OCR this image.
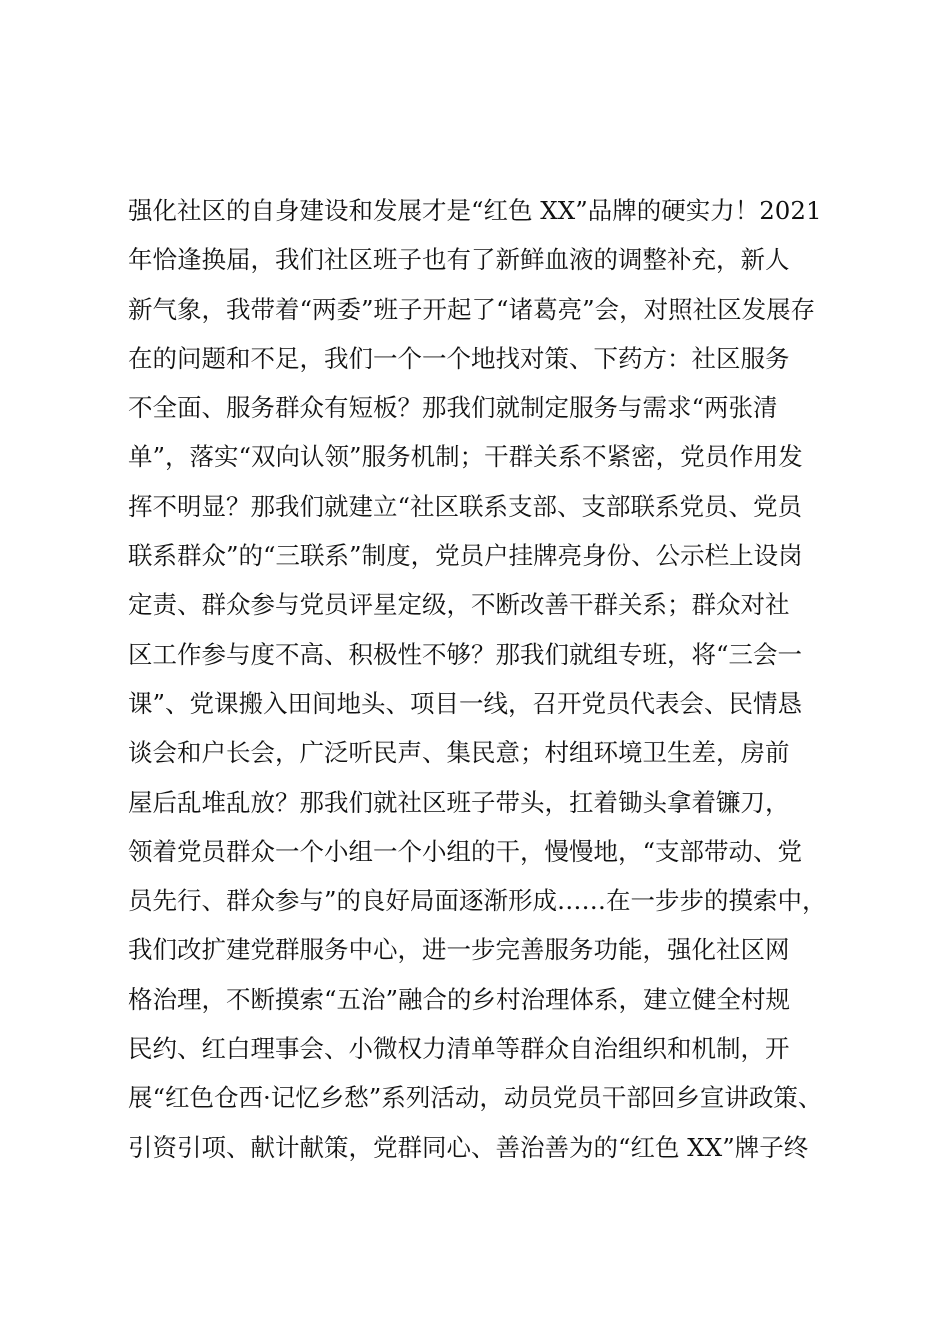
强化社区的自身建设和发展才是“红色 XX”品牌的硬实力！2021
年恰逢换届，我们社区班子也有了新鲜血液的调整补充，新人
新气象，我带着“两委”班子开起了“诸葛亮”会，对照社区发展存
在的问题和不足，我们一个一个地找对策、下药方：社区服务
不全面、服务群众有短板？那我们就制定服务与需求“两张清
单”，落实“双向认领”服务机制；干群关系不紧密，党员作用发
挥不明显？那我们就建立“社区联系支部、支部联系党员、党员
联系群众”的“三联系”制度，党员户挂牌亮身份、公示栏上设岗
定责、群众参与党员评星定级，不断改善干群关系；群众对社
区工作参与度不高、积极性不够？那我们就组专班，将“三会一
课”、党课搬入田间地头、项目一线，召开党员代表会、民情恳
谈会和户长会，广泛听民声、集民意；村组环境卫生差，房前
屋后乱堆乱放？那我们就社区班子带头，扛着锄头拿着镰刀，
领着党员群众一个小组一个小组的干，慢慢地，“支部带动、党
员先行、群众参与”的良好局面逐渐形成……在一步步的摸索中，
我们改扩建党群服务中心，进一步完善服务功能，强化社区网
格治理，不断摸索“五治”融合的乡村治理体系，建立健全村规
民约、红白理事会、小微权力清单等群众自治组织和机制，开
展“红色仓西·记忆乡愁”系列活动，动员党员干部回乡宣讲政策、
引资引项、献计献策，党群同心、善治善为的“红色 XX”牌子终
